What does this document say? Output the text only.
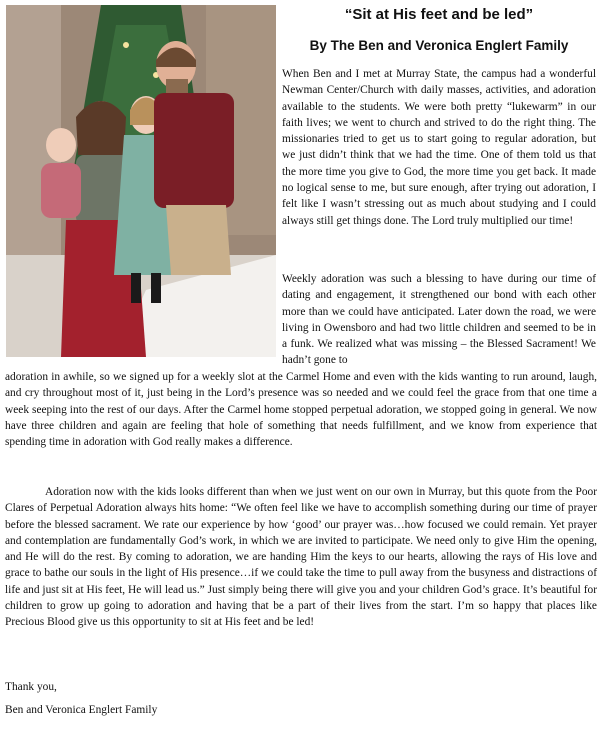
“Sit at His feet and be led”
By The Ben and Veronica Englert Family

When Ben and I met at Murray State, the campus had a wonderful Newman Center/Church with daily masses, activities, and adoration available to the students. We were both pretty “lukewarm” in our faith lives; we went to church and strived to do the right thing. The missionaries tried to get us to start going to regular adoration, but we just didn’t think that we had the time. One of them told us that the more time you give to God, the more time you get back. It made no logical sense to me, but sure enough, after trying out adoration, I felt like I wasn’t stressing out as much about studying and I could always still get things done. The Lord truly multiplied our time!

Weekly adoration was such a blessing to have during our time of dating and engagement, it strengthened our bond with each other more than we could have anticipated. Later down the road, we were living in Owensboro and had two little children and seemed to be in a funk. We realized what was missing – the Blessed Sacrament! We hadn’t gone to

adoration in awhile, so we signed up for a weekly slot at the Carmel Home and even with the kids wanting to run around, laugh, and cry throughout most of it, just being in the Lord’s presence was so needed and we could feel the grace from that one time a week seeping into the rest of our days. After the Carmel home stopped perpetual adoration, we stopped going in general. We now have three children and again are feeling that hole of something that needs fulfillment, and we know from experience that spending time in adoration with God really makes a difference.

Adoration now with the kids looks different than when we just went on our own in Murray, but this quote from the Poor Clares of Perpetual Adoration always hits home: “We often feel like we have to accomplish something during our time of prayer before the blessed sacrament. We rate our experience by how ‘good’ our prayer was…how focused we could remain. Yet prayer and contemplation are fundamentally God’s work, in which we are invited to participate. We need only to give Him the opening, and He will do the rest. By coming to adoration, we are handing Him the keys to our hearts, allowing the rays of His love and grace to bathe our souls in the light of His presence…if we could take the time to pull away from the busyness and distractions of life and just sit at His feet, He will lead us.” Just simply being there will give you and your children God’s grace. It’s beautiful for children to grow up going to adoration and having that be a part of their lives from the start. I’m so happy that places like Precious Blood give us this opportunity to sit at His feet and be led!

Thank you,

Ben and Veronica Englert Family
